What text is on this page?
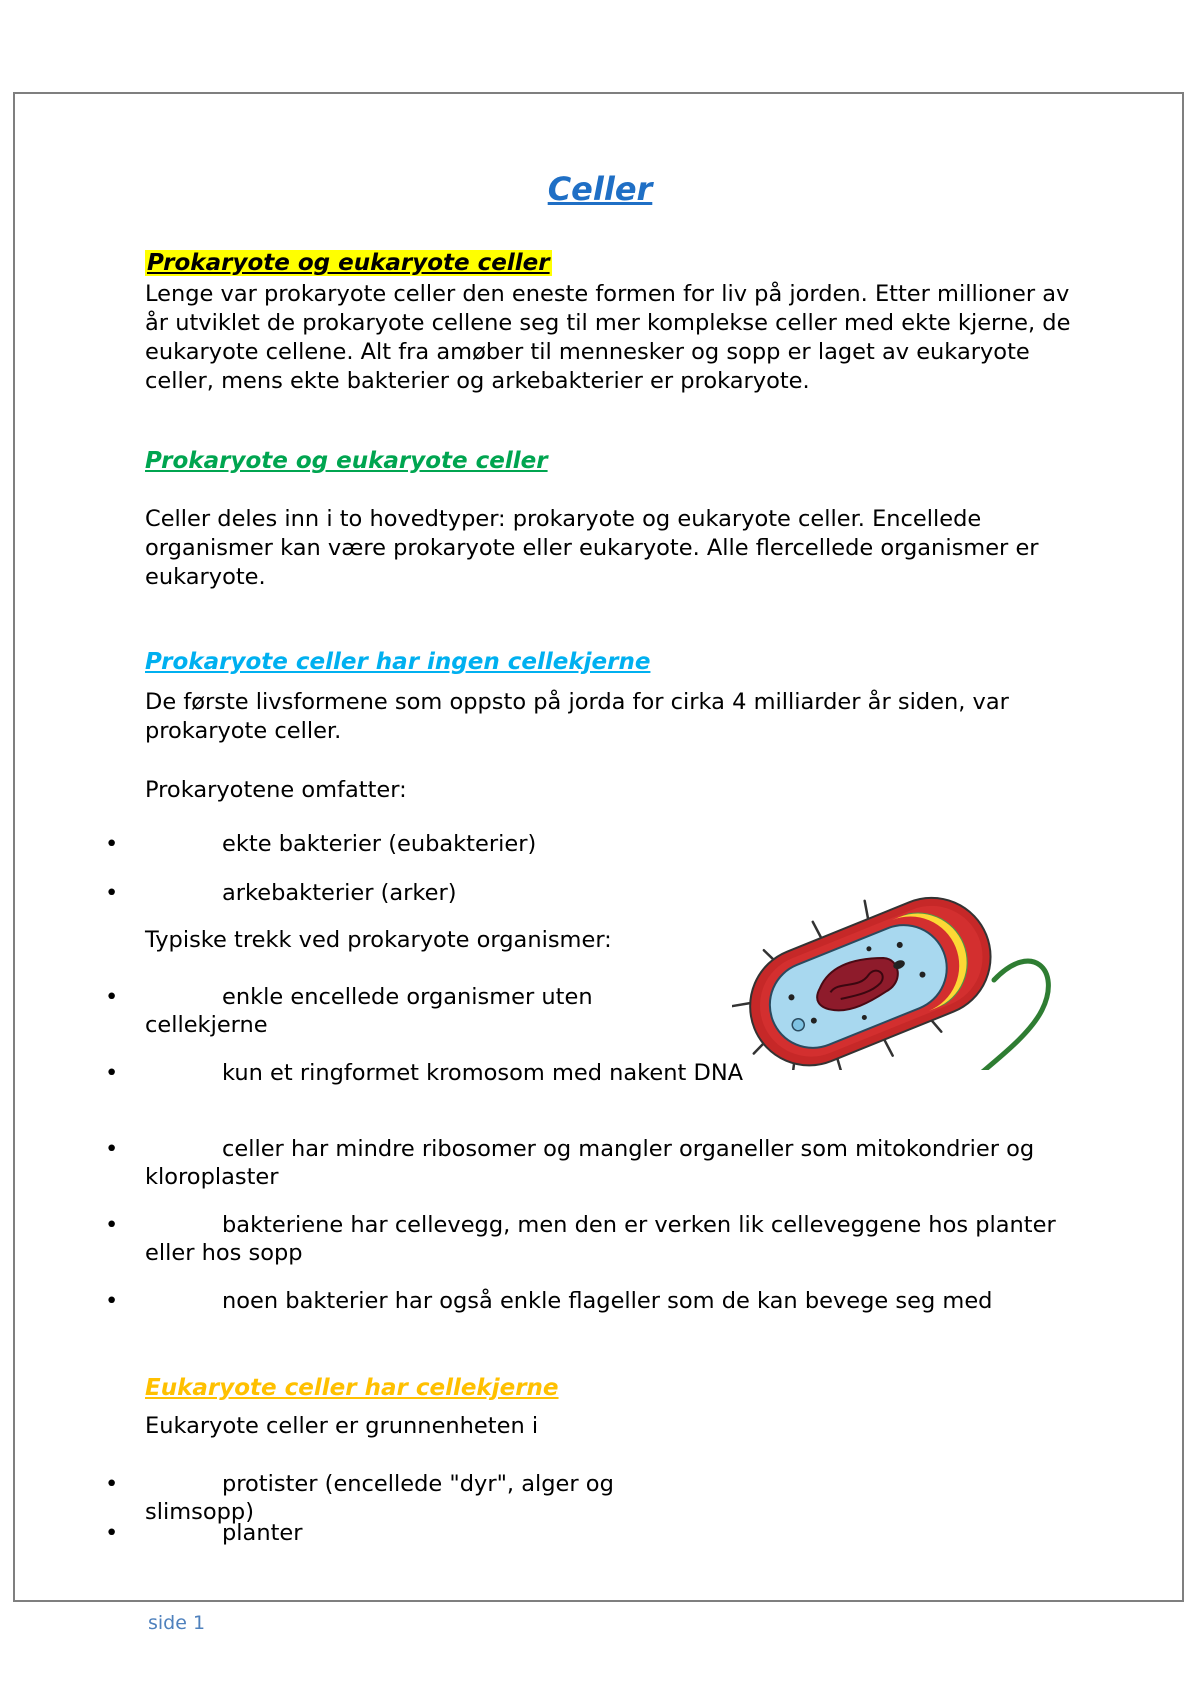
Celler
Prokaryote og eukaryote celler
Lenge var prokaryote celler den eneste formen for liv på jorden. Etter millioner av år utviklet de prokaryote cellene seg til mer komplekse celler med ekte kjerne, de eukaryote cellene. Alt fra amøber til mennesker og sopp er laget av eukaryote celler, mens ekte bakterier og arkebakterier er prokaryote.
Prokaryote og eukaryote celler
Celler deles inn i to hovedtyper: prokaryote og eukaryote celler. Encellede organismer kan være prokaryote eller eukaryote. Alle flercellede organismer er eukaryote.
Prokaryote celler har ingen cellekjerne
De første livsformene som oppsto på jorda for cirka 4 milliarder år siden, var prokaryote celler.
Prokaryotene omfatter:
•	ekte bakterier (eubakterier)
•	arkebakterier (arker)
Typiske trekk ved prokaryote organismer:
•	enkle encellede organismer uten cellekjerne
•	kun et ringformet kromosom med nakent DNA
•	celler har mindre ribosomer og mangler organeller som mitokondrier og kloroplaster
•	bakteriene har cellevegg, men den er verken lik celleveggene hos planter eller hos sopp
•	noen bakterier har også enkle flageller som de kan bevege seg med
Eukaryote celler har cellekjerne
Eukaryote celler er grunnenheten i
•	protister (encellede "dyr", alger og slimsopp)
•	planter
side 1
